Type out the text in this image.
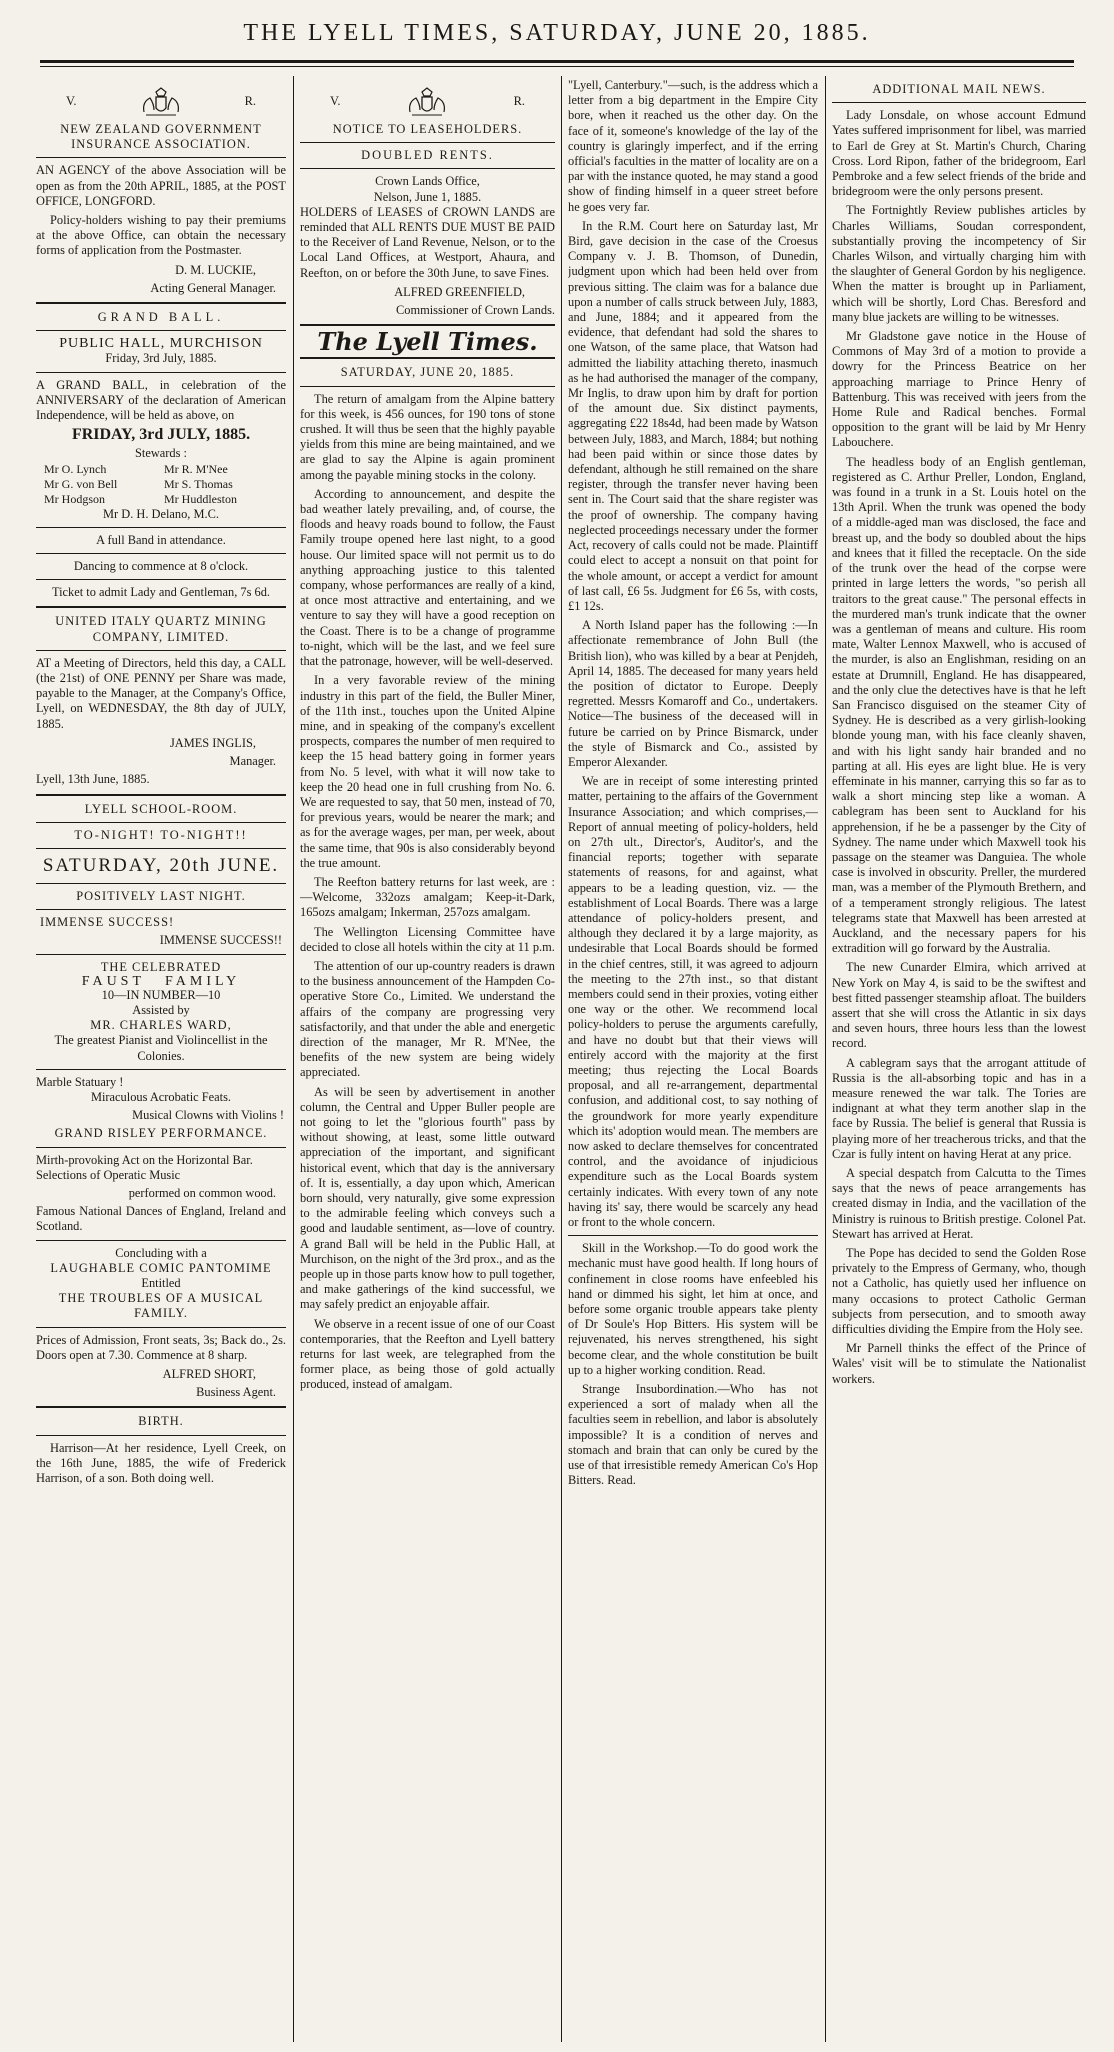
THE LYELL TIMES, SATURDAY, JUNE 20, 1885.
V.	R.
NEW ZEALAND GOVERNMENT INSURANCE ASSOCIATION.

AN AGENCY of the above Association will be open as from the 20th APRIL, 1885, at the POST OFFICE, LONGFORD.

Policy-holders wishing to pay their premiums at the above Office, can obtain the necessary forms of application from the Postmaster.

D. M. LUCKIE,
Acting General Manager.
GRAND BALL.
PUBLIC HALL, MURCHISON
Friday, 3rd July, 1885.

A GRAND BALL, in celebration of the ANNIVERSARY of the declaration of American Independence, will be held as above, on

FRIDAY, 3rd JULY, 1885.
Stewards :
Mr O. Lynch	Mr R. M'Nee
Mr G. von Bell	Mr S. Thomas
Mr Hodgson	Mr Huddleston
Mr D. H. Delano, M.C.
A full Band in attendance.
Dancing to commence at 8 o'clock.
Ticket to admit Lady and Gentleman, 7s 6d.
UNITED ITALY QUARTZ MINING COMPANY, LIMITED.

AT a Meeting of Directors, held this day, a CALL (the 21st) of ONE PENNY per Share was made, payable to the Manager, at the Company's Office, Lyell, on WEDNESDAY, the 8th day of JULY, 1885.

JAMES INGLIS,
Manager.
Lyell, 13th June, 1885.
LYELL SCHOOL-ROOM.
TO-NIGHT! TO-NIGHT!!
SATURDAY, 20th JUNE.
POSITIVELY LAST NIGHT.
IMMENSE SUCCESS!
IMMENSE SUCCESS!!
THE CELEBRATED
FAUST FAMILY
10—IN NUMBER—10
Assisted by
MR. CHARLES WARD,
The greatest Pianist and Violincellist in the Colonies.
Marble Statuary !
Miraculous Acrobatic Feats.
Musical Clowns with Violins !
GRAND RISLEY PERFORMANCE.
Mirth-provoking Act on the Horizontal Bar.
Selections of Operatic Music
performed on common wood.
Famous National Dances of England, Ireland and Scotland.
Concluding with a
LAUGHABLE COMIC PANTOMIME
Entitled
THE TROUBLES OF A MUSICAL FAMILY.

Prices of Admission, Front seats, 3s; Back do., 2s. Doors open at 7.30. Commence at 8 sharp.

ALFRED SHORT,
Business Agent.
BIRTH.

Harrison—At her residence, Lyell Creek, on the 16th June, 1885, the wife of Frederick Harrison, of a son. Both doing well.

V.	R.
NOTICE TO LEASEHOLDERS.
DOUBLED RENTS.
Crown Lands Office,
Nelson, June 1, 1885.

HOLDERS of LEASES of CROWN LANDS are reminded that ALL RENTS DUE MUST BE PAID to the Receiver of Land Revenue, Nelson, or to the Local Land Offices, at Westport, Ahaura, and Reefton, on or before the 30th June, to save Fines.

ALFRED GREENFIELD,
Commissioner of Crown Lands.
The Lyell Times.
SATURDAY, JUNE 20, 1885.

The return of amalgam from the Alpine battery for this week, is 456 ounces, for 190 tons of stone crushed. It will thus be seen that the highly payable yields from this mine are being maintained, and we are glad to say the Alpine is again prominent among the payable mining stocks in the colony.

According to announcement, and despite the bad weather lately prevailing, and, of course, the floods and heavy roads bound to follow, the Faust Family troupe opened here last night, to a good house. Our limited space will not permit us to do anything approaching justice to this talented company, whose performances are really of a kind, at once most attractive and entertaining, and we venture to say they will have a good reception on the Coast. There is to be a change of programme to-night, which will be the last, and we feel sure that the patronage, however, will be well-deserved.

In a very favorable review of the mining industry in this part of the field, the Buller Miner, of the 11th inst., touches upon the United Alpine mine, and in speaking of the company's excellent prospects, compares the number of men required to keep the 15 head battery going in former years from No. 5 level, with what it will now take to keep the 20 head one in full crushing from No. 6. We are requested to say, that 50 men, instead of 70, for previous years, would be nearer the mark; and as for the average wages, per man, per week, about the same time, that 90s is also considerably beyond the true amount.

The Reefton battery returns for last week, are :—Welcome, 332ozs amalgam; Keep-it-Dark, 165ozs amalgam; Inkerman, 257ozs amalgam.

The Wellington Licensing Committee have decided to close all hotels within the city at 11 p.m.

The attention of our up-country readers is drawn to the business announcement of the Hampden Co-operative Store Co., Limited. We understand the affairs of the company are progressing very satisfactorily, and that under the able and energetic direction of the manager, Mr R. M'Nee, the benefits of the new system are being widely appreciated.

As will be seen by advertisement in another column, the Central and Upper Buller people are not going to let the "glorious fourth" pass by without showing, at least, some little outward appreciation of the important, and significant historical event, which that day is the anniversary of. It is, essentially, a day upon which, American born should, very naturally, give some expression to the admirable feeling which conveys such a good and laudable sentiment, as—love of country. A grand Ball will be held in the Public Hall, at Murchison, on the night of the 3rd prox., and as the people up in those parts know how to pull together, and make gatherings of the kind successful, we may safely predict an enjoyable affair.

We observe in a recent issue of one of our Coast contemporaries, that the Reefton and Lyell battery returns for last week, are telegraphed from the former place, as being those of gold actually produced, instead of amalgam.

"Lyell, Canterbury."—such, is the address which a letter from a big department in the Empire City bore, when it reached us the other day. On the face of it, someone's knowledge of the lay of the country is glaringly imperfect, and if the erring official's faculties in the matter of locality are on a par with the instance quoted, he may stand a good show of finding himself in a queer street before he goes very far.

In the R.M. Court here on Saturday last, Mr Bird, gave decision in the case of the Croesus Company v. J. B. Thomson, of Dunedin, judgment upon which had been held over from previous sitting. The claim was for a balance due upon a number of calls struck between July, 1883, and June, 1884; and it appeared from the evidence, that defendant had sold the shares to one Watson, of the same place, that Watson had admitted the liability attaching thereto, inasmuch as he had authorised the manager of the company, Mr Inglis, to draw upon him by draft for portion of the amount due. Six distinct payments, aggregating £22 18s4d, had been made by Watson between July, 1883, and March, 1884; but nothing had been paid within or since those dates by defendant, although he still remained on the share register, through the transfer never having been sent in. The Court said that the share register was the proof of ownership. The company having neglected proceedings necessary under the former Act, recovery of calls could not be made. Plaintiff could elect to accept a nonsuit on that point for the whole amount, or accept a verdict for amount of last call, £6 5s. Judgment for £6 5s, with costs, £1 12s.

A North Island paper has the following :—In affectionate remembrance of John Bull (the British lion), who was killed by a bear at Penjdeh, April 14, 1885. The deceased for many years held the position of dictator to Europe. Deeply regretted. Messrs Komaroff and Co., undertakers. Notice—The business of the deceased will in future be carried on by Prince Bismarck, under the style of Bismarck and Co., assisted by Emperor Alexander.

We are in receipt of some interesting printed matter, pertaining to the affairs of the Government Insurance Association; and which comprises,—Report of annual meeting of policy-holders, held on 27th ult., Director's, Auditor's, and the financial reports; together with separate statements of reasons, for and against, what appears to be a leading question, viz. — the establishment of Local Boards. There was a large attendance of policy-holders present, and although they declared it by a large majority, as undesirable that Local Boards should be formed in the chief centres, still, it was agreed to adjourn the meeting to the 27th inst., so that distant members could send in their proxies, voting either one way or the other. We recommend local policy-holders to peruse the arguments carefully, and have no doubt but that their views will entirely accord with the majority at the first meeting; thus rejecting the Local Boards proposal, and all re-arrangement, departmental confusion, and additional cost, to say nothing of the groundwork for more yearly expenditure which its' adoption would mean. The members are now asked to declare themselves for concentrated control, and the avoidance of injudicious expenditure such as the Local Boards system certainly indicates. With every town of any note having its' say, there would be scarcely any head or front to the whole concern.

Skill in the Workshop.—To do good work the mechanic must have good health. If long hours of confinement in close rooms have enfeebled his hand or dimmed his sight, let him at once, and before some organic trouble appears take plenty of Dr Soule's Hop Bitters. His system will be rejuvenated, his nerves strengthened, his sight become clear, and the whole constitution be built up to a higher working condition. Read.

Strange Insubordination.—Who has not experienced a sort of malady when all the faculties seem in rebellion, and labor is absolutely impossible? It is a condition of nerves and stomach and brain that can only be cured by the use of that irresistible remedy American Co's Hop Bitters. Read.

ADDITIONAL MAIL NEWS.

Lady Lonsdale, on whose account Edmund Yates suffered imprisonment for libel, was married to Earl de Grey at St. Martin's Church, Charing Cross. Lord Ripon, father of the bridegroom, Earl Pembroke and a few select friends of the bride and bridegroom were the only persons present.

The Fortnightly Review publishes articles by Charles Williams, Soudan correspondent, substantially proving the incompetency of Sir Charles Wilson, and virtually charging him with the slaughter of General Gordon by his negligence. When the matter is brought up in Parliament, which will be shortly, Lord Chas. Beresford and many blue jackets are willing to be witnesses.

Mr Gladstone gave notice in the House of Commons of May 3rd of a motion to provide a dowry for the Princess Beatrice on her approaching marriage to Prince Henry of Battenburg. This was received with jeers from the Home Rule and Radical benches. Formal opposition to the grant will be laid by Mr Henry Labouchere.

The headless body of an English gentleman, registered as C. Arthur Preller, London, England, was found in a trunk in a St. Louis hotel on the 13th April. When the trunk was opened the body of a middle-aged man was disclosed, the face and breast up, and the body so doubled about the hips and knees that it filled the receptacle. On the side of the trunk over the head of the corpse were printed in large letters the words, "so perish all traitors to the great cause." The personal effects in the murdered man's trunk indicate that the owner was a gentleman of means and culture. His room mate, Walter Lennox Maxwell, who is accused of the murder, is also an Englishman, residing on an estate at Drumnill, England. He has disappeared, and the only clue the detectives have is that he left San Francisco disguised on the steamer City of Sydney. He is described as a very girlish-looking blonde young man, with his face cleanly shaven, and with his light sandy hair branded and no parting at all. His eyes are light blue. He is very effeminate in his manner, carrying this so far as to walk a short mincing step like a woman. A cablegram has been sent to Auckland for his apprehension, if he be a passenger by the City of Sydney. The name under which Maxwell took his passage on the steamer was Danguiea. The whole case is involved in obscurity. Preller, the murdered man, was a member of the Plymouth Brethern, and of a temperament strongly religious. The latest telegrams state that Maxwell has been arrested at Auckland, and the necessary papers for his extradition will go forward by the Australia.

The new Cunarder Elmira, which arrived at New York on May 4, is said to be the swiftest and best fitted passenger steamship afloat. The builders assert that she will cross the Atlantic in six days and seven hours, three hours less than the lowest record.

A cablegram says that the arrogant attitude of Russia is the all-absorbing topic and has in a measure renewed the war talk. The Tories are indignant at what they term another slap in the face by Russia. The belief is general that Russia is playing more of her treacherous tricks, and that the Czar is fully intent on having Herat at any price.

A special despatch from Calcutta to the Times says that the news of peace arrangements has created dismay in India, and the vacillation of the Ministry is ruinous to British prestige. Colonel Pat. Stewart has arrived at Herat.

The Pope has decided to send the Golden Rose privately to the Empress of Germany, who, though not a Catholic, has quietly used her influence on many occasions to protect Catholic German subjects from persecution, and to smooth away difficulties dividing the Empire from the Holy see.

Mr Parnell thinks the effect of the Prince of Wales' visit will be to stimulate the Nationalist workers.
